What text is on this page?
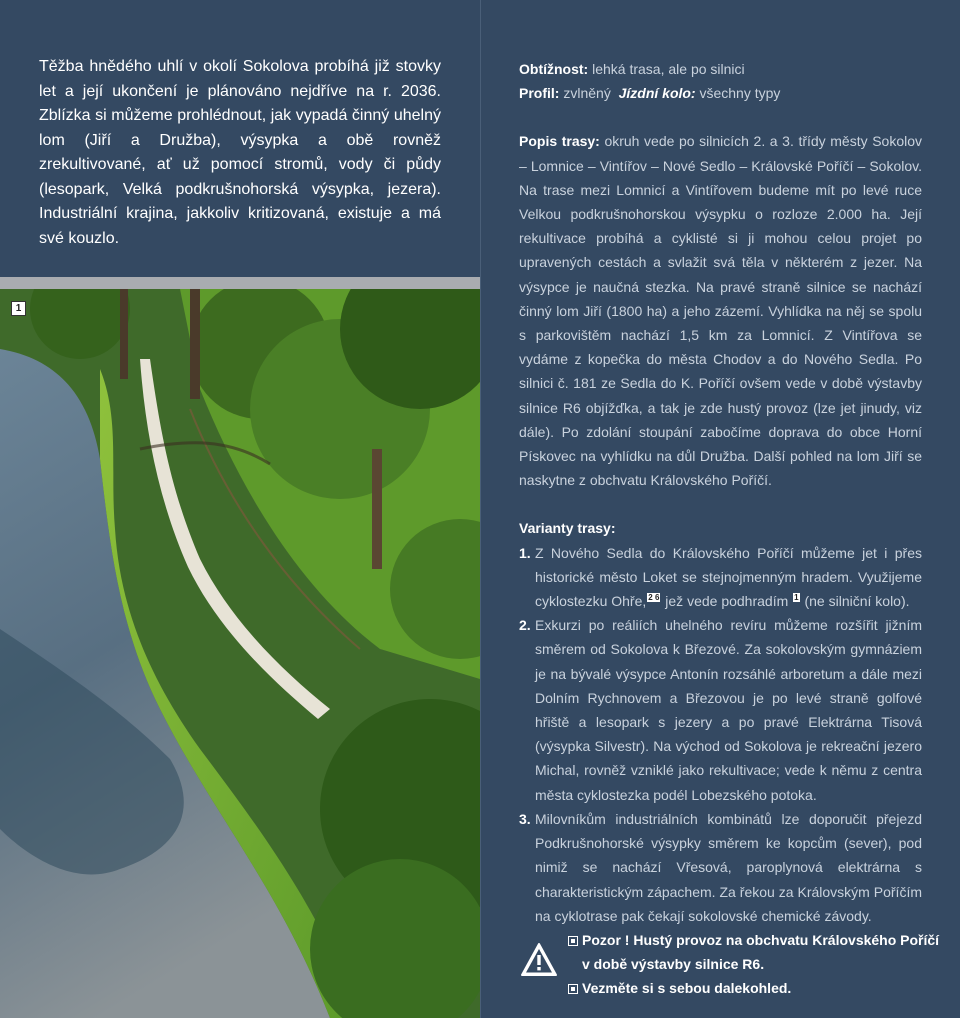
Těžba hnědého uhlí v okolí Sokolova probíhá již stovky let a její ukončení je plánováno nejdříve na r. 2036. Zblízka si můžeme prohlédnout, jak vypadá činný uhelný lom (Jiří a Družba), výsypka a obě rovněž zrekultivované, ať už pomocí stromů, vody či půdy (lesopark, Velká podkrušnohorská výsypka, jezera). Industriální krajina, jakkoliv kritizovaná, existuje a má své kouzlo.

1

Obtížnost: lehká trasa, ale po silnici

Profil: zvlněný Jízdní kolo: všechny typy

Popis trasy: okruh vede po silnicích 2. a 3. třídy městy Sokolov – Lomnice – Vintířov – Nové Sedlo – Královské Poříčí – Sokolov. Na trase mezi Lomnicí a Vintířovem budeme mít po levé ruce Velkou podkrušnohorskou výsypku o rozloze 2.000 ha. Její rekultivace probíhá a cyklisté si ji mohou celou projet po upravených cestách a svlažit svá těla v některém z jezer. Na výsypce je naučná stezka. Na pravé straně silnice se nachází činný lom Jiří (1800 ha) a jeho zázemí. Vyhlídka na něj se spolu s parkovištěm nachází 1,5 km za Lomnicí. Z Vintířova se vydáme z kopečka do města Chodov a do Nového Sedla. Po silnici č. 181 ze Sedla do K. Poříčí ovšem vede v době výstavby silnice R6 objížďka, a tak je zde hustý provoz (lze jet jinudy, viz dále). Po zdolání stoupání zabočíme doprava do obce Horní Pískovec na vyhlídku na důl Družba. Další pohled na lom Jiří se naskytne z obchvatu Královského Poříčí.

Varianty trasy:

1. Z Nového Sedla do Královského Poříčí můžeme jet i přes historické město Loket se stejnojmenným hradem. Využijeme cyklostezku Ohře, 2 6 jež vede podhradím 1 (ne silniční kolo).
2. Exkurzi po reáliích uhelného revíru můžeme rozšířit jižním směrem od Sokolova k Březové. Za sokolovským gymnáziem je na bývalé výsypce Antonín rozsáhlé arboretum a dále mezi Dolním Rychnovem a Březovou je po levé straně golfové hřiště a lesopark s jezery a po pravé Elektrárna Tisová (výsypka Silvestr). Na východ od Sokolova je rekreační jezero Michal, rovněž vzniklé jako rekultivace; vede k němu z centra města cyklostezka podél Lobezského potoka.
3. Milovníkům industriálních kombinátů lze doporučit přejezd Podkrušnohorské výsypky směrem ke kopcům (sever), pod nimiž se nachází Vřesová, paroplynová elektrárna s charakteristickým zápachem. Za řekou za Královským Poříčím na cyklotrase pak čekají sokolovské chemické závody.

Pozor ! Hustý provoz na obchvatu Královského Poříčí v době výstavby silnice R6.

Vezměte si s sebou dalekohled.
